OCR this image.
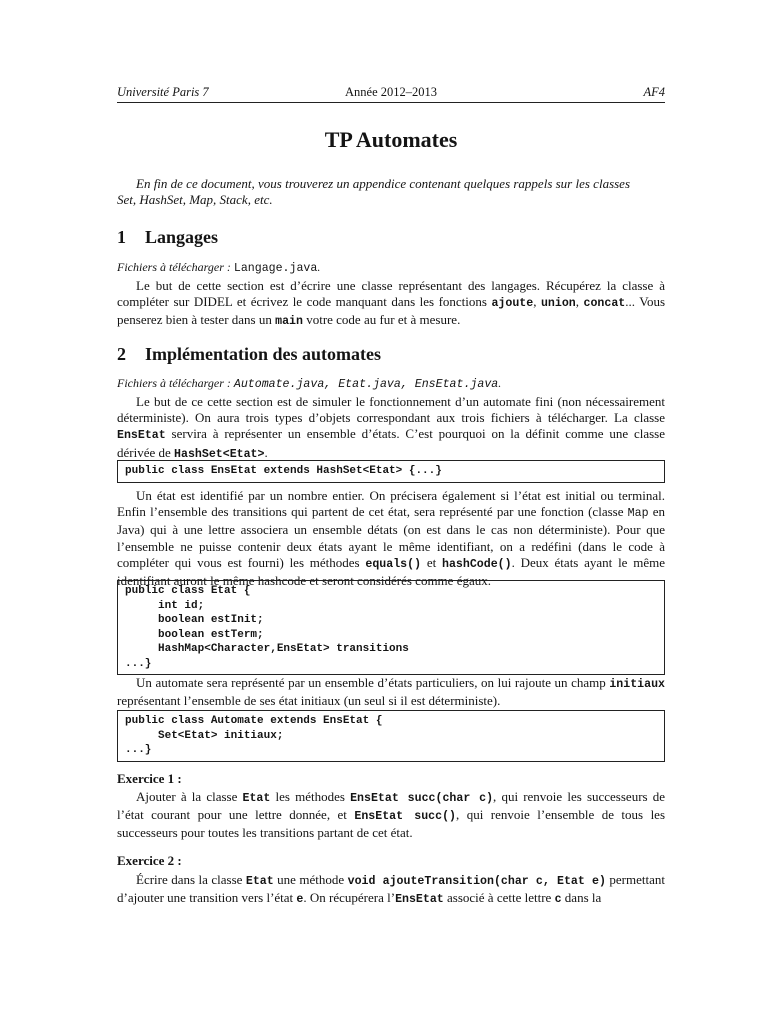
Université Paris 7	Année 2012–2013	AF4
TP Automates

En fin de ce document, vous trouverez un appendice contenant quelques rappels sur les classes
Set, HashSet, Map, Stack, etc.

1 Langages

Fichiers à télécharger : Langage.java.

Le but de cette section est d’écrire une classe représentant des langages. Récupérez la classe à compléter sur DIDEL et écrivez le code manquant dans les fonctions ajoute, union, concat... Vous penserez bien à tester dans un main votre code au fur et à mesure.

2 Implémentation des automates

Fichiers à télécharger : Automate.java, Etat.java, EnsEtat.java.

Le but de ce cette section est de simuler le fonctionnement d’un automate fini (non nécessairement déterministe). On aura trois types d’objets correspondant aux trois fichiers à télécharger. La classe EnsEtat servira à représenter un ensemble d’états. C’est pourquoi on la définit comme une classe dérivée de HashSet<Etat>.

public class EnsEtat extends HashSet<Etat> {...}

Un état est identifié par un nombre entier. On précisera également si l’état est initial ou terminal. Enfin l’ensemble des transitions qui partent de cet état, sera représenté par une fonction (classe Map en Java) qui à une lettre associera un ensemble détats (on est dans le cas non déterministe). Pour que l’ensemble ne puisse contenir deux états ayant le même identifiant, on a redéfini (dans le code à compléter qui vous est fourni) les méthodes equals() et hashCode(). Deux états ayant le même identifiant auront le même hashcode et seront considérés comme égaux.

public class Etat {
int id;
boolean estInit;
boolean estTerm;
HashMap<Character,EnsEtat> transitions
...}

Un automate sera représenté par un ensemble d’états particuliers, on lui rajoute un champ initiaux représentant l’ensemble de ses état initiaux (un seul si il est déterministe).

public class Automate extends EnsEtat {
Set<Etat> initiaux;
...}
Exercice 1 :

Ajouter à la classe Etat les méthodes EnsEtat succ(char c), qui renvoie les successeurs de l’état courant pour une lettre donnée, et EnsEtat succ(), qui renvoie l’ensemble de tous les successeurs pour toutes les transitions partant de cet état.

Exercice 2 :

Écrire dans la classe Etat une méthode void ajouteTransition(char c, Etat e) permettant d’ajouter une transition vers l’état e. On récupérera l’EnsEtat associé à cette lettre c dans la
